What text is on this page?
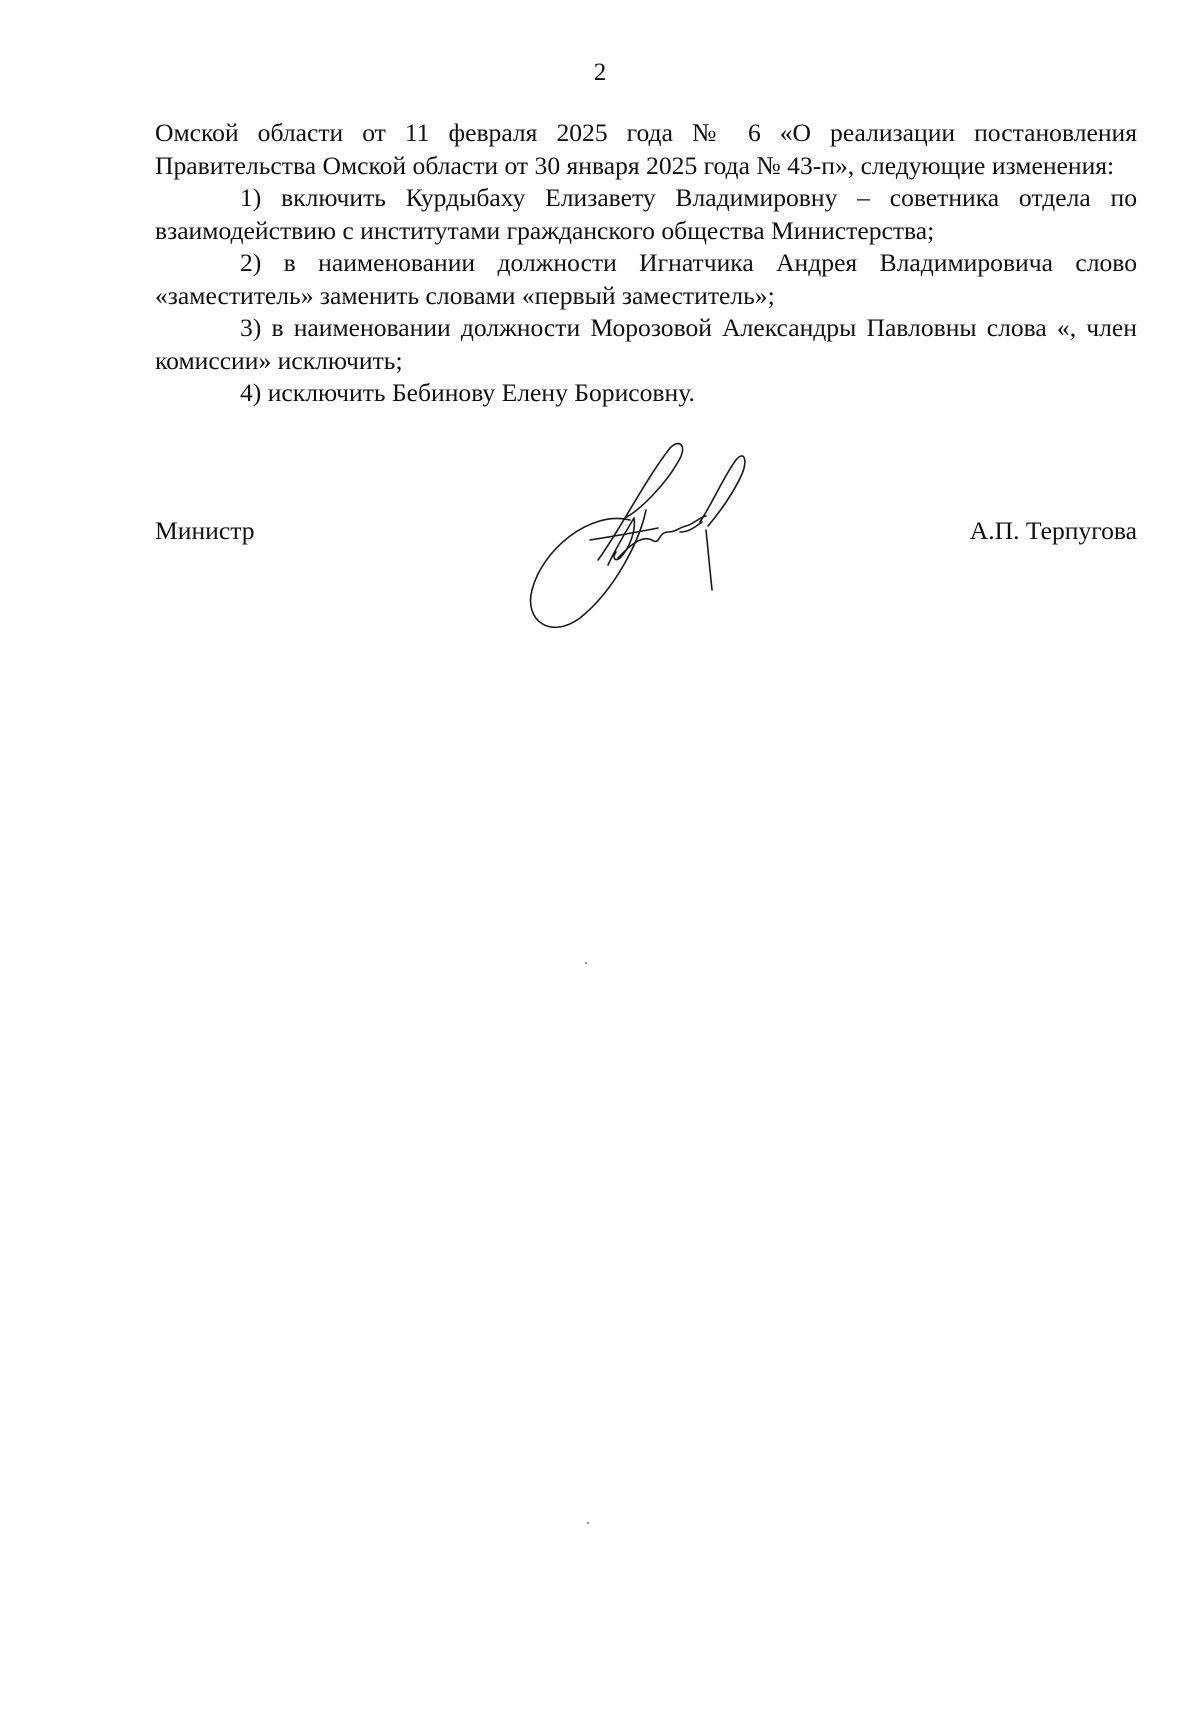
2

Омской области от 11 февраля 2025 года № 6 «О реализации постановления Правительства Омской области от 30 января 2025 года № 43-п», следующие изменения:

1) включить Курдыбаху Елизавету Владимировну – советника отдела по взаимодействию с институтами гражданского общества Министерства;

2) в наименовании должности Игнатчика Андрея Владимировича слово «заместитель» заменить словами «первый заместитель»;

3) в наименовании должности Морозовой Александры Павловны слова «, член комиссии» исключить;

4) исключить Бебинову Елену Борисовну.

Министр	А.П. Терпугова
